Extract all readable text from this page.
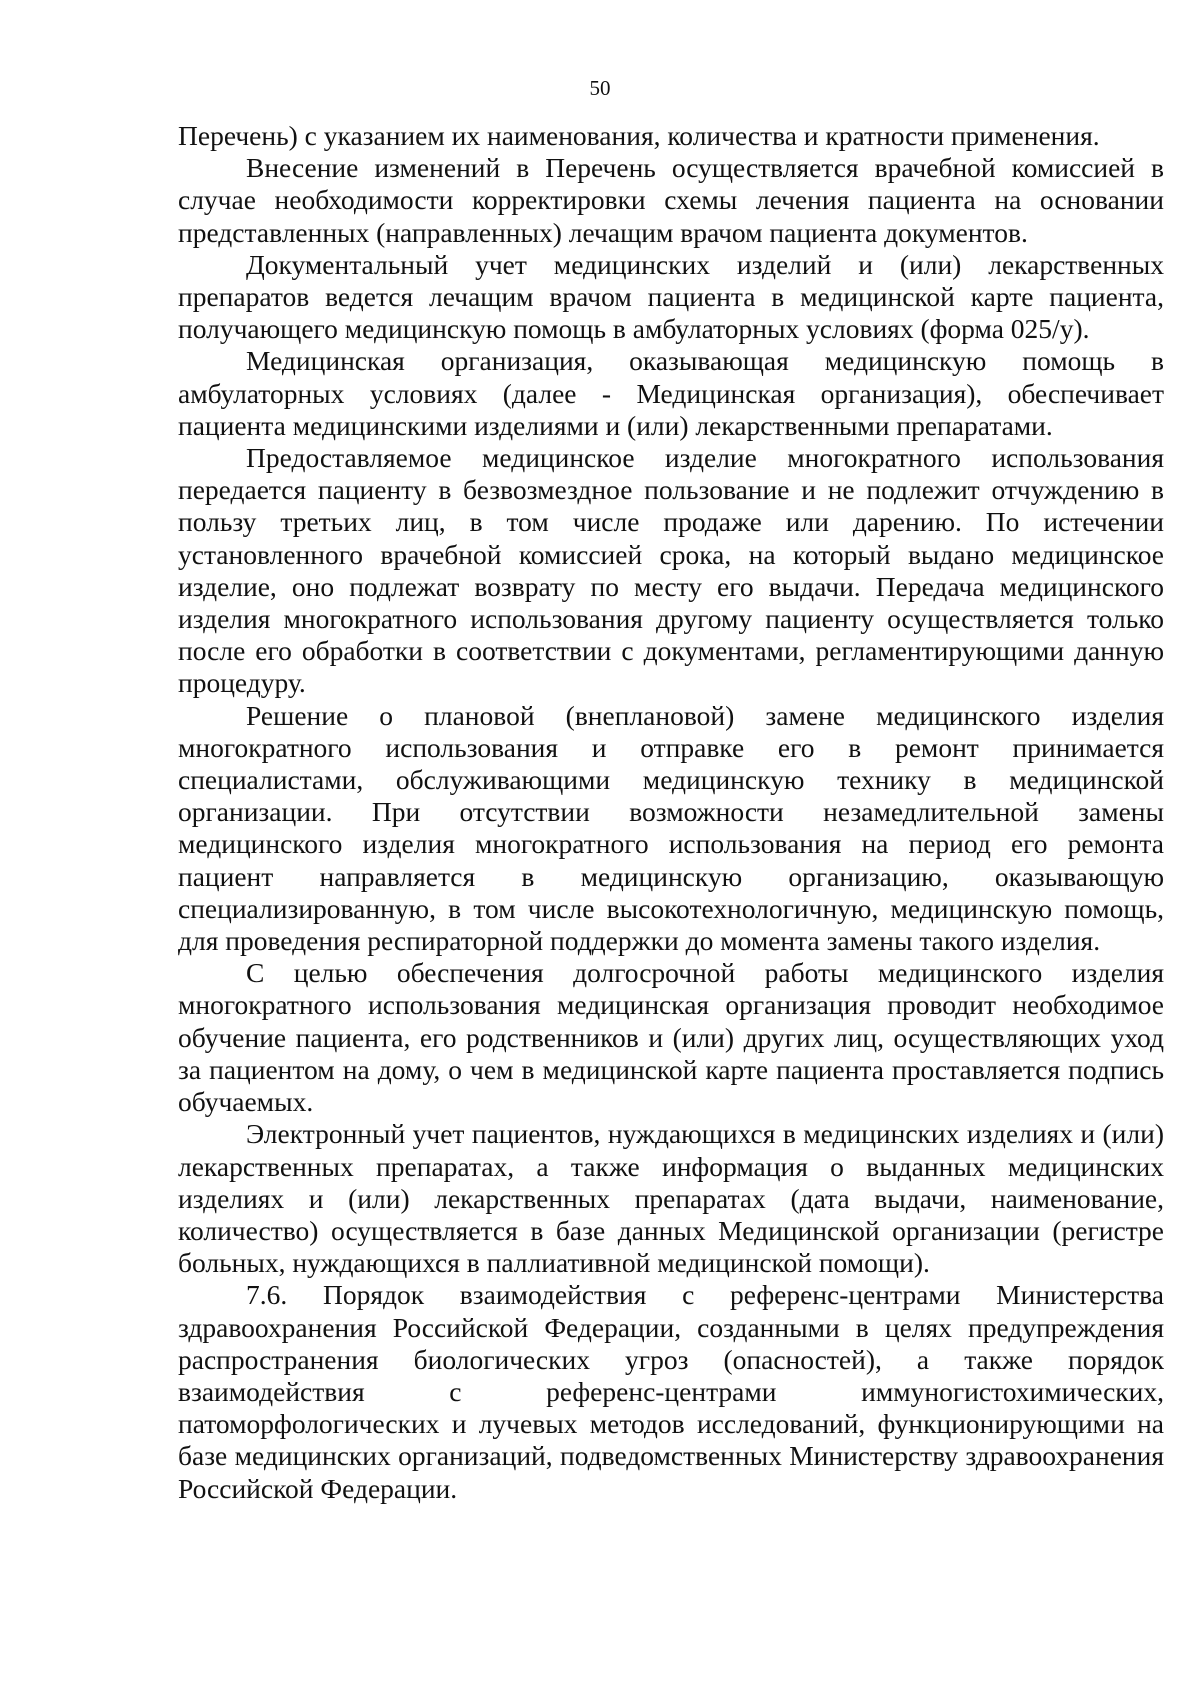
50

Перечень) с указанием их наименования, количества и кратности применения.

Внесение изменений в Перечень осуществляется врачебной комиссией в случае необходимости корректировки схемы лечения пациента на основании представленных (направленных) лечащим врачом пациента документов.

Документальный учет медицинских изделий и (или) лекарственных препаратов ведется лечащим врачом пациента в медицинской карте пациента, получающего медицинскую помощь в амбулаторных условиях (форма 025/у).

Медицинская организация, оказывающая медицинскую помощь в амбулаторных условиях (далее - Медицинская организация), обеспечивает пациента медицинскими изделиями и (или) лекарственными препаратами.

Предоставляемое медицинское изделие многократного использования передается пациенту в безвозмездное пользование и не подлежит отчуждению в пользу третьих лиц, в том числе продаже или дарению. По истечении установленного врачебной комиссией срока, на который выдано медицинское изделие, оно подлежат возврату по месту его выдачи. Передача медицинского изделия многократного использования другому пациенту осуществляется только после его обработки в соответствии с документами, регламентирующими данную процедуру.

Решение о плановой (внеплановой) замене медицинского изделия многократного использования и отправке его в ремонт принимается специалистами, обслуживающими медицинскую технику в медицинской организации. При отсутствии возможности незамедлительной замены медицинского изделия многократного использования на период его ремонта пациент направляется в медицинскую организацию, оказывающую специализированную, в том числе высокотехнологичную, медицинскую помощь, для проведения респираторной поддержки до момента замены такого изделия.

С целью обеспечения долгосрочной работы медицинского изделия многократного использования медицинская организация проводит необходимое обучение пациента, его родственников и (или) других лиц, осуществляющих уход за пациентом на дому, о чем в медицинской карте пациента проставляется подпись обучаемых.

Электронный учет пациентов, нуждающихся в медицинских изделиях и (или) лекарственных препаратах, а также информация о выданных медицинских изделиях и (или) лекарственных препаратах (дата выдачи, наименование, количество) осуществляется в базе данных Медицинской организации (регистре больных, нуждающихся в паллиативной медицинской помощи).

7.6. Порядок взаимодействия с референс-центрами Министерства здравоохранения Российской Федерации, созданными в целях предупреждения распространения биологических угроз (опасностей), а также порядок взаимодействия с референс-центрами иммуногистохимических, патоморфологических и лучевых методов исследований, функционирующими на базе медицинских организаций, подведомственных Министерству здравоохранения Российской Федерации.
